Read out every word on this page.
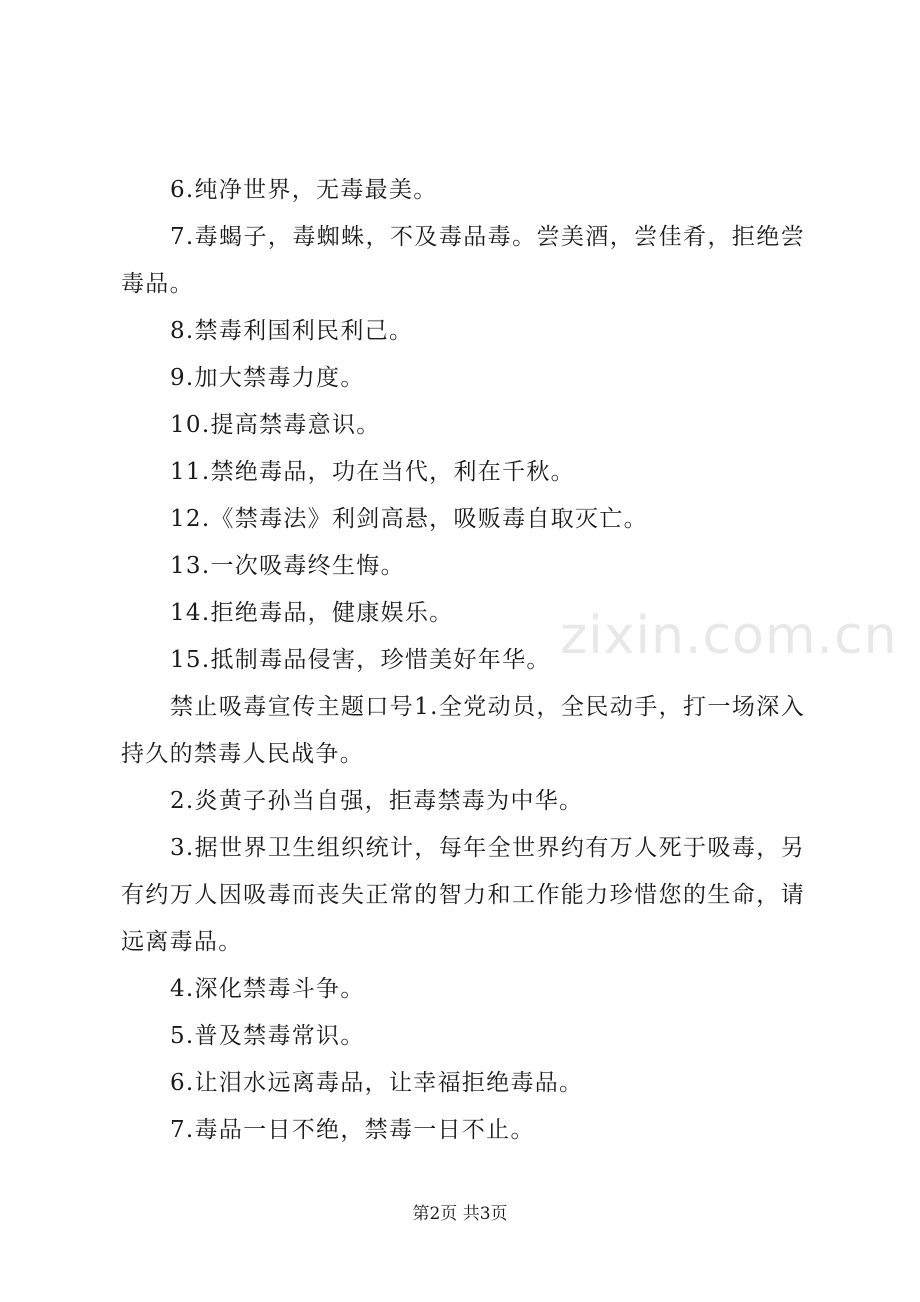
6.纯净世界，无毒最美。

7.毒蝎子，毒蜘蛛，不及毒品毒。尝美酒，尝佳肴，拒绝尝毒品。

8.禁毒利国利民利己。

9.加大禁毒力度。

10.提高禁毒意识。

11.禁绝毒品，功在当代，利在千秋。

12.《禁毒法》利剑高悬，吸贩毒自取灭亡。

13.一次吸毒终生悔。

14.拒绝毒品，健康娱乐。

15.抵制毒品侵害，珍惜美好年华。

禁止吸毒宣传主题口号1.全党动员，全民动手，打一场深入持久的禁毒人民战争。

2.炎黄子孙当自强，拒毒禁毒为中华。

3.据世界卫生组织统计，每年全世界约有万人死于吸毒，另有约万人因吸毒而丧失正常的智力和工作能力珍惜您的生命，请远离毒品。

4.深化禁毒斗争。

5.普及禁毒常识。

6.让泪水远离毒品，让幸福拒绝毒品。

7.毒品一日不绝，禁毒一日不止。

zixin.com.cn
第2页 共3页
